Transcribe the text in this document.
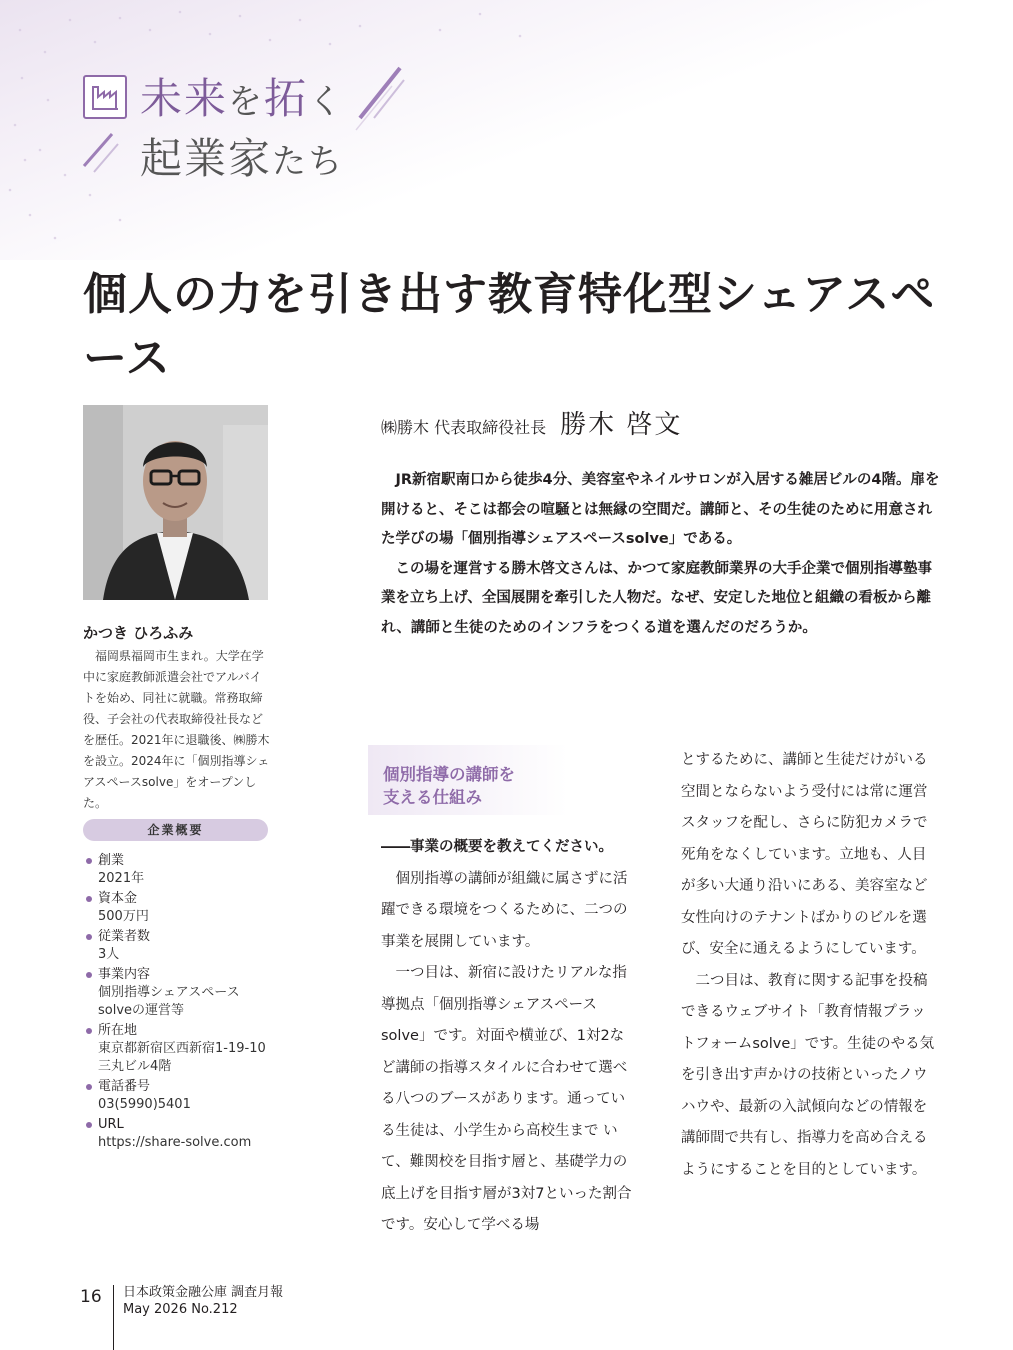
未来を拓く
起業家たち
個人の力を引き出す教育特化型シェアスペース
かつき ひろふみ

福岡県福岡市生まれ。大学在学中に家庭教師派遣会社でアルバイトを始め、同社に就職。常務取締役、子会社の代表取締役社長などを歴任。2021年に退職後、㈱勝木を設立。2024年に「個別指導シェアスペースsolve」をオープンした。

企業概要
創業
2021年
資本金
500万円
従業者数
3人
事業内容
個別指導シェアスペース
solveの運営等
所在地
東京都新宿区西新宿1-19-10
三丸ビル4階
電話番号
03(5990)5401
URL
https://share-solve.com
㈱勝木 代表取締役社長 勝木 啓文

JR新宿駅南口から徒歩4分、美容室やネイルサロンが入居する雑居ビルの4階。扉を開けると、そこは都会の喧騒とは無縁の空間だ。講師と、その生徒のために用意された学びの場「個別指導シェアスペースsolve」である。

この場を運営する勝木啓文さんは、かつて家庭教師業界の大手企業で個別指導塾事業を立ち上げ、全国展開を牽引した人物だ。なぜ、安定した地位と組織の看板から離れ、講師と生徒のためのインフラをつくる道を選んだのだろうか。

個別指導の講師を
支える仕組み

――事業の概要を教えてください。

個別指導の講師が組織に属さずに活躍できる環境をつくるために、二つの事業を展開しています。

一つ目は、新宿に設けたリアルな指導拠点「個別指導シェアスペースsolve」です。対面や横並び、1対2など講師の指導スタイルに合わせて選べる八つのブースがあります。通っている生徒は、小学生から高校生まで いて、難関校を目指す層と、基礎学力の底上げを目指す層が3対7といった割合です。安心して学べる場

とするために、講師と生徒だけがいる空間とならないよう受付には常に運営スタッフを配し、さらに防犯カメラで死角をなくしています。立地も、人目が多い大通り沿いにある、美容室など女性向けのテナントばかりのビルを選び、安全に通えるようにしています。

二つ目は、教育に関する記事を投稿できるウェブサイト「教育情報プラットフォームsolve」です。生徒のやる気を引き出す声かけの技術といったノウハウや、最新の入試傾向などの情報を講師間で共有し、指導力を高め合えるようにすることを目的としています。

16 日本政策金融公庫 調査月報
May 2026 No.212
